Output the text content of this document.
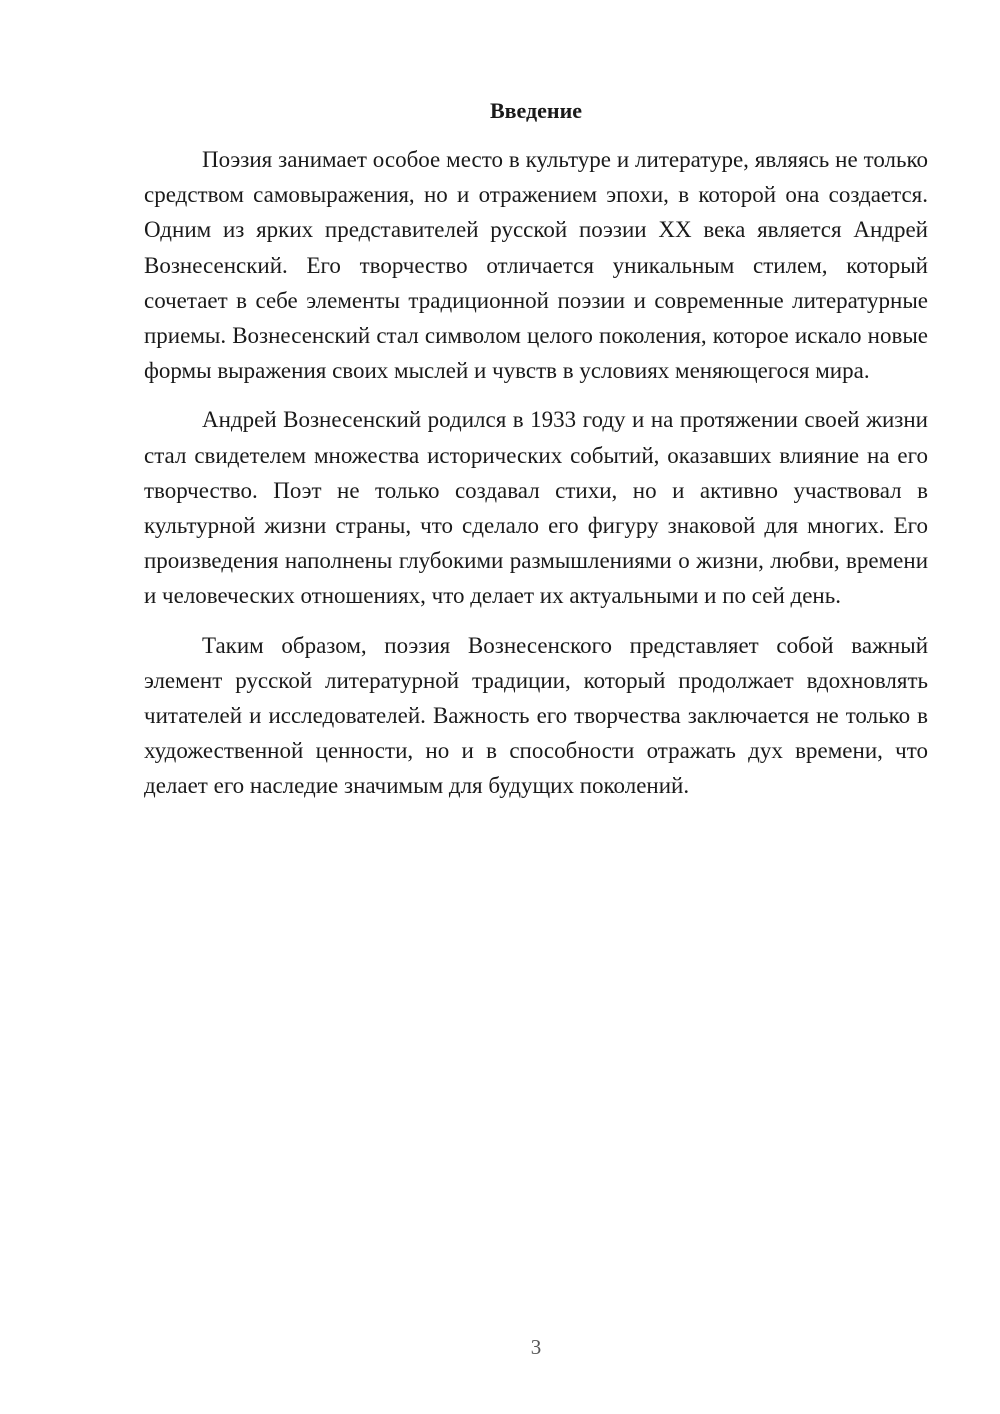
Введение

Поэзия занимает особое место в культуре и литературе, являясь не только средством самовыражения, но и отражением эпохи, в которой она создается. Одним из ярких представителей русской поэзии XX века является Андрей Вознесенский. Его творчество отличается уникальным стилем, который сочетает в себе элементы традиционной поэзии и современные литературные приемы. Вознесенский стал символом целого поколения, которое искало новые формы выражения своих мыслей и чувств в условиях меняющегося мира.

Андрей Вознесенский родился в 1933 году и на протяжении своей жизни стал свидетелем множества исторических событий, оказавших влияние на его творчество. Поэт не только создавал стихи, но и активно участвовал в культурной жизни страны, что сделало его фигуру знаковой для многих. Его произведения наполнены глубокими размышлениями о жизни, любви, времени и человеческих отношениях, что делает их актуальными и по сей день.

Таким образом, поэзия Вознесенского представляет собой важный элемент русской литературной традиции, который продолжает вдохновлять читателей и исследователей. Важность его творчества заключается не только в художественной ценности, но и в способности отражать дух времени, что делает его наследие значимым для будущих поколений.

3
